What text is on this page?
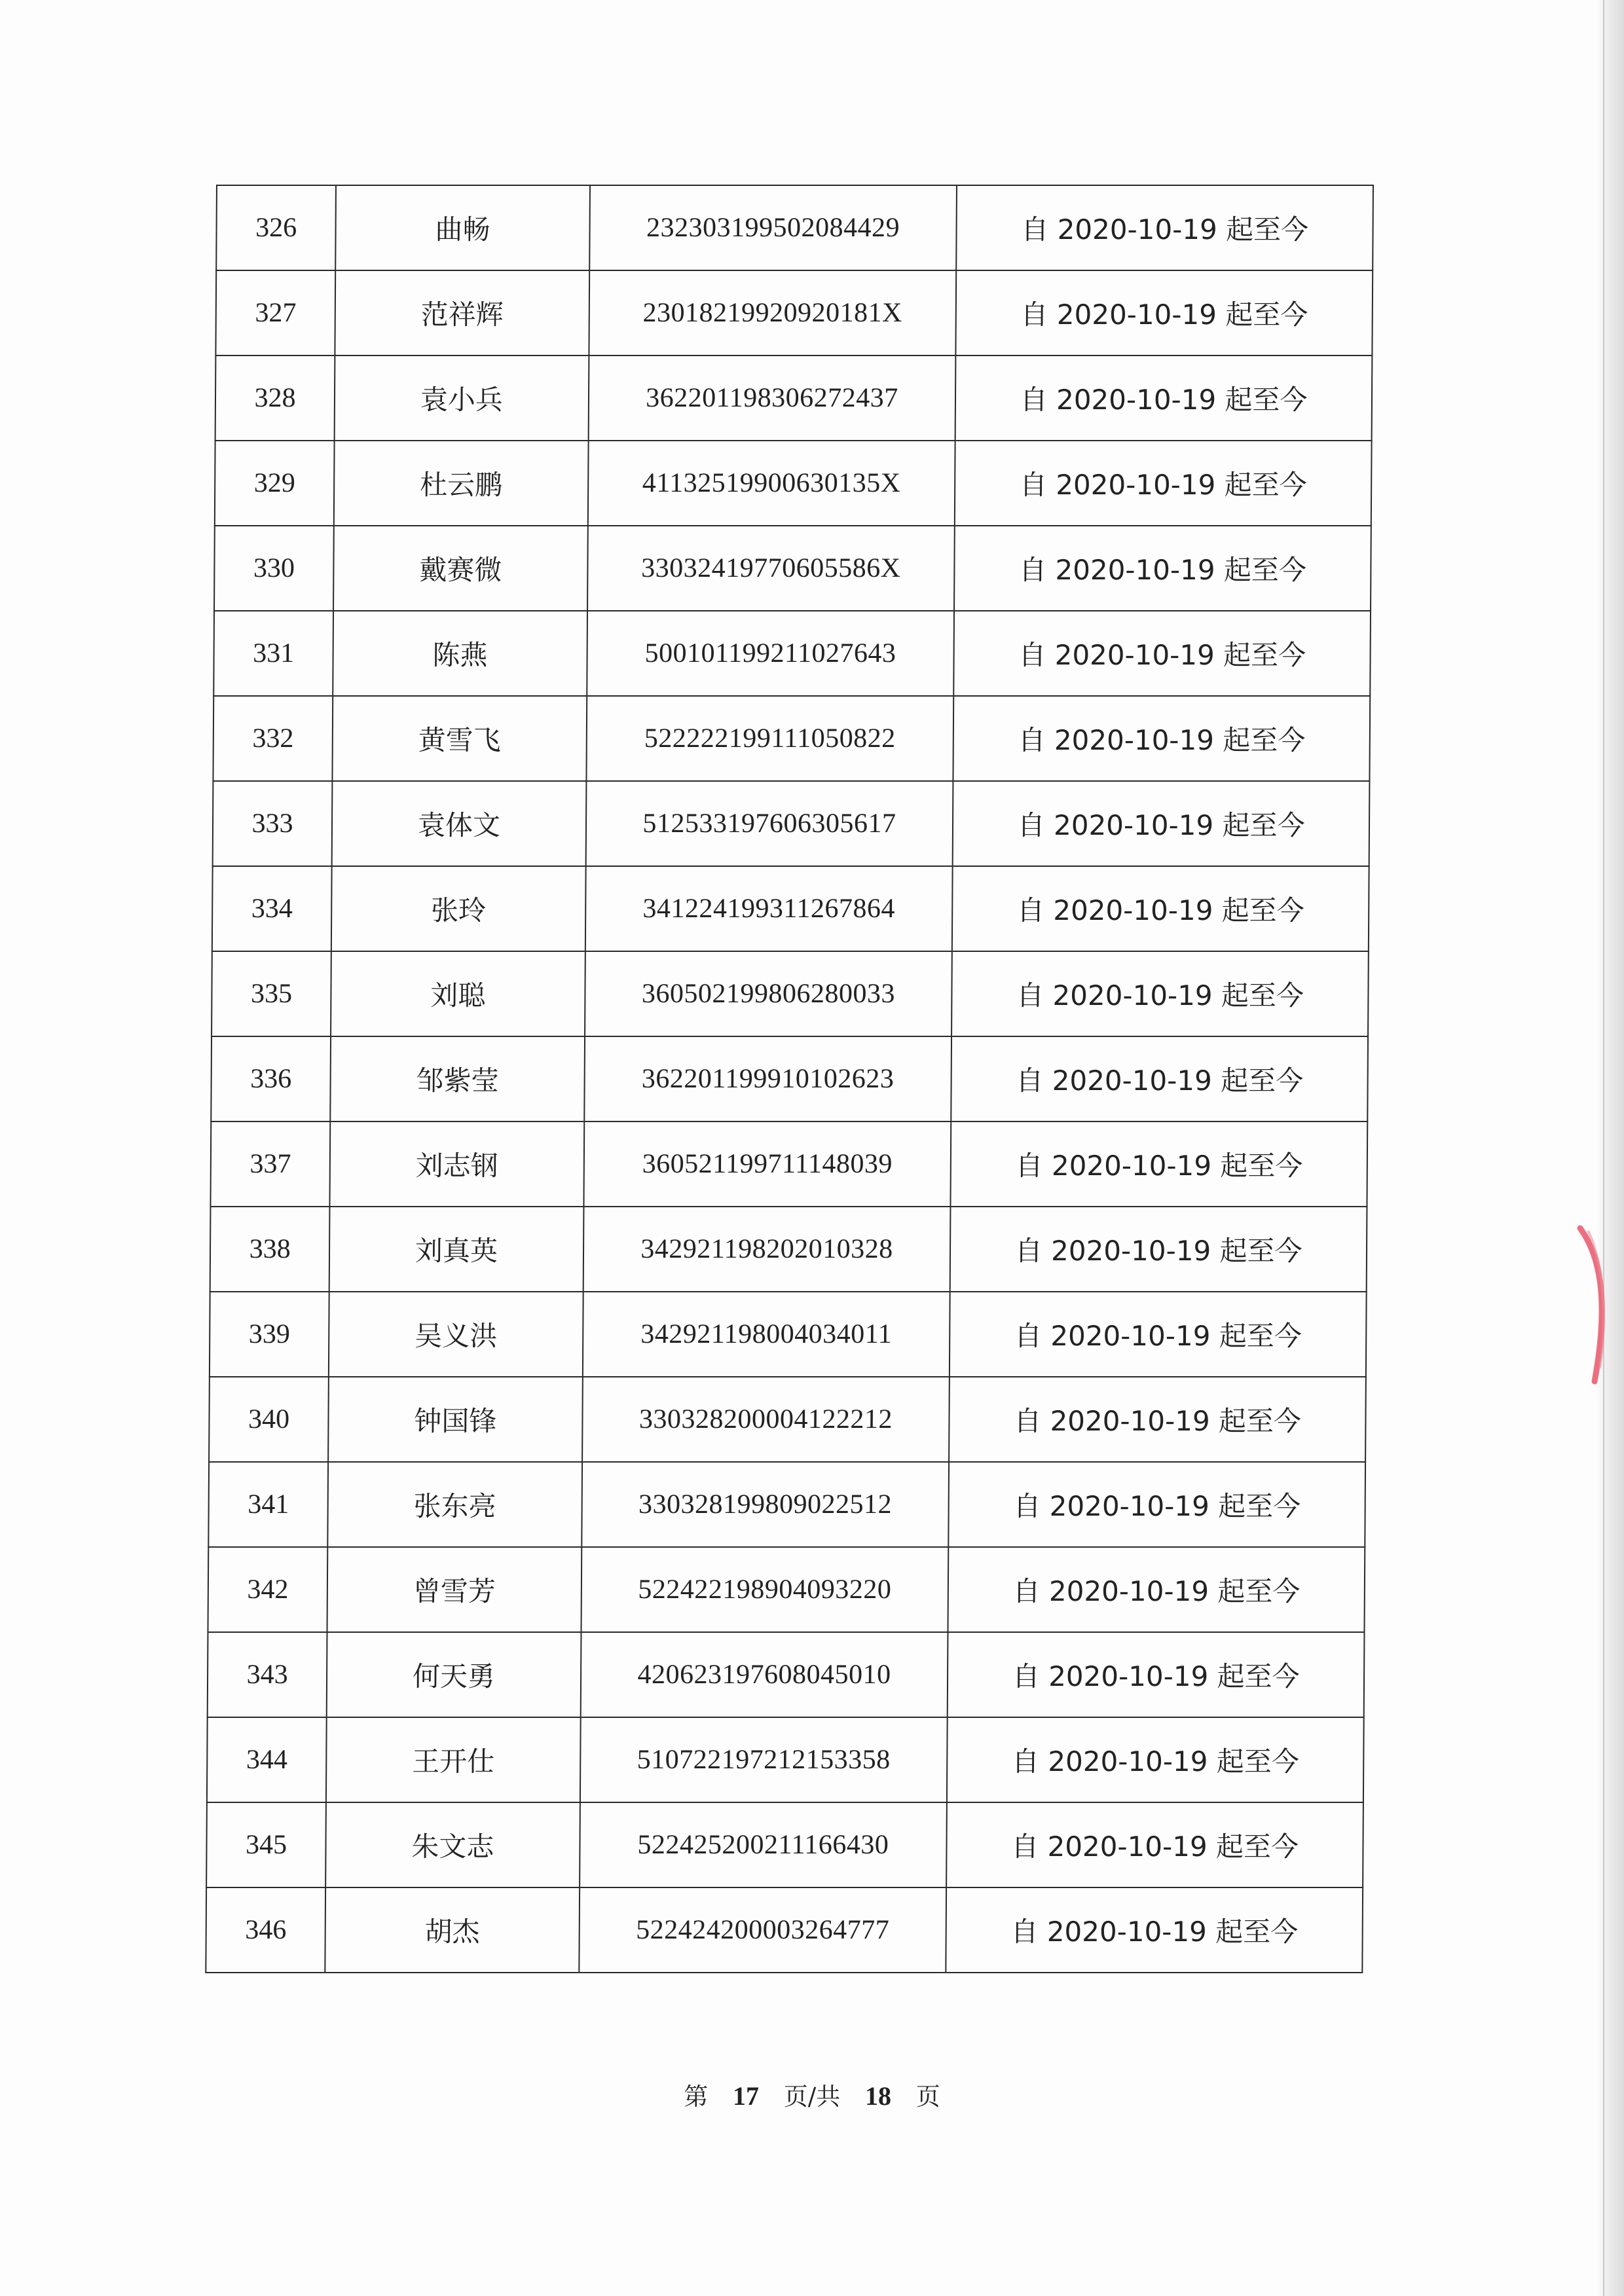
326	曲畅	232303199502084429	自 2020-10-19 起至今
327	范祥辉	23018219920920181X	自 2020-10-19 起至今
328	袁小兵	362201198306272437	自 2020-10-19 起至今
329	杜云鹏	41132519900630135X	自 2020-10-19 起至今
330	戴赛微	33032419770605586X	自 2020-10-19 起至今
331	陈燕	500101199211027643	自 2020-10-19 起至今
332	黄雪飞	522222199111050822	自 2020-10-19 起至今
333	袁体文	512533197606305617	自 2020-10-19 起至今
334	张玲	341224199311267864	自 2020-10-19 起至今
335	刘聪	360502199806280033	自 2020-10-19 起至今
336	邹紫莹	362201199910102623	自 2020-10-19 起至今
337	刘志钢	360521199711148039	自 2020-10-19 起至今
338	刘真英	342921198202010328	自 2020-10-19 起至今
339	吴义洪	342921198004034011	自 2020-10-19 起至今
340	钟国锋	330328200004122212	自 2020-10-19 起至今
341	张东亮	330328199809022512	自 2020-10-19 起至今
342	曾雪芳	522422198904093220	自 2020-10-19 起至今
343	何天勇	420623197608045010	自 2020-10-19 起至今
344	王开仕	510722197212153358	自 2020-10-19 起至今
345	朱文志	522425200211166430	自 2020-10-19 起至今
346	胡杰	522424200003264777	自 2020-10-19 起至今
第 17 页/共 18 页
